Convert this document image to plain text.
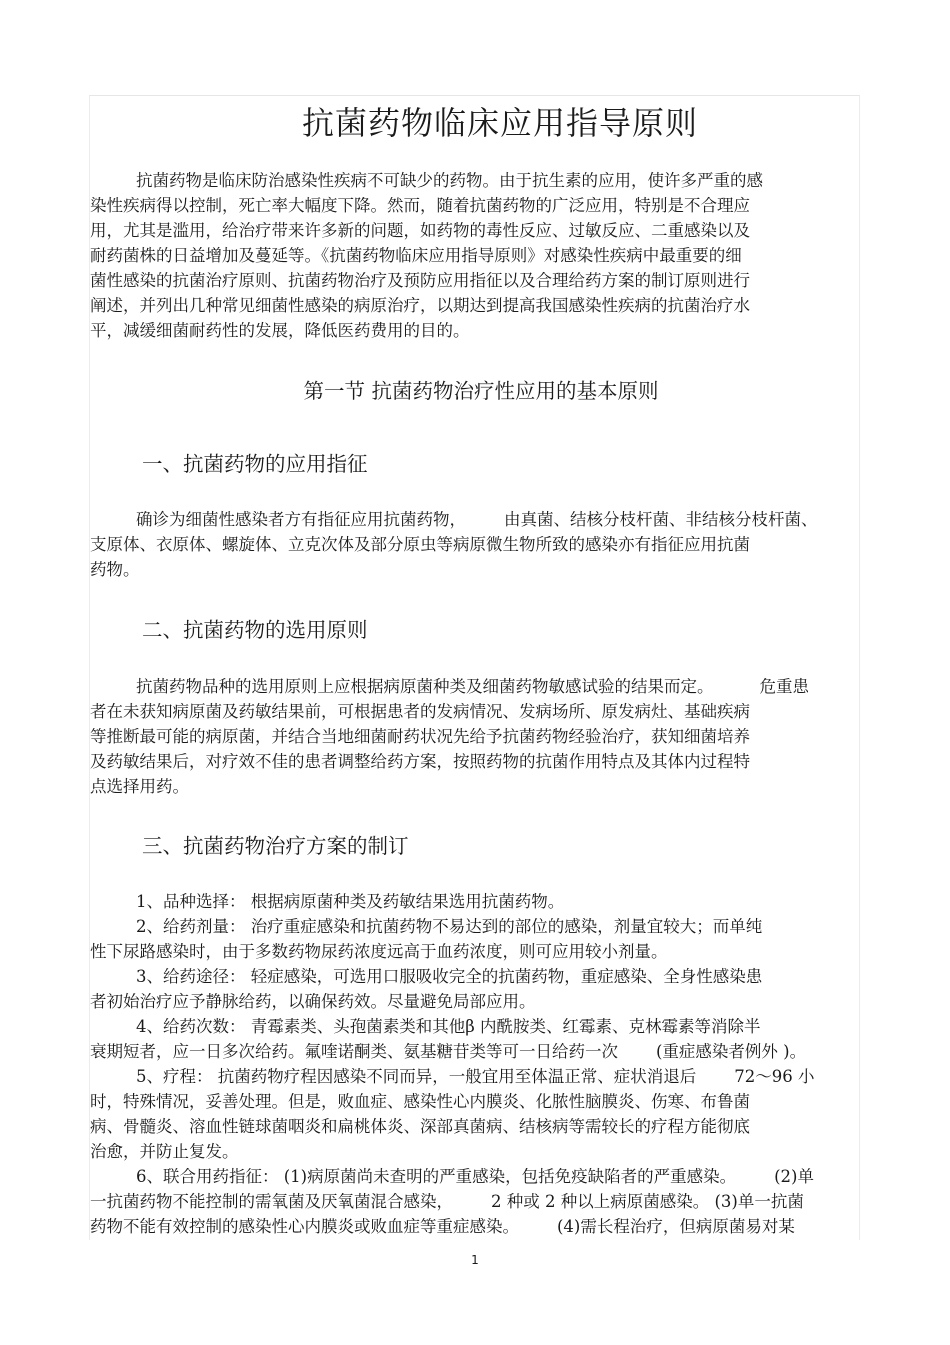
抗菌药物临床应用指导原则
抗菌药物是临床防治感染性疾病不可缺少的药物。由于抗生素的应用，使许多严重的感
染性疾病得以控制，死亡率大幅度下降。然而，随着抗菌药物的广泛应用，特别是不合理应
用，尤其是滥用，给治疗带来许多新的问题，如药物的毒性反应、过敏反应、二重感染以及
耐药菌株的日益增加及蔓延等。《抗菌药物临床应用指导原则》对感染性疾病中最重要的细
菌性感染的抗菌治疗原则、抗菌药物治疗及预防应用指征以及合理给药方案的制订原则进行
阐述，并列出几种常见细菌性感染的病原治疗，以期达到提高我国感染性疾病的抗菌治疗水
平，减缓细菌耐药性的发展，降低医药费用的目的。
第一节 抗菌药物治疗性应用的基本原则
一、抗菌药物的应用指征
确诊为细菌性感染者方有指征应用抗菌药物， 由真菌、结核分枝杆菌、非结核分枝杆菌、
支原体、衣原体、螺旋体、立克次体及部分原虫等病原微生物所致的感染亦有指征应用抗菌
药物。
二、抗菌药物的选用原则
抗菌药物品种的选用原则上应根据病原菌种类及细菌药物敏感试验的结果而定。	危重患
者在未获知病原菌及药敏结果前，可根据患者的发病情况、发病场所、原发病灶、基础疾病
等推断最可能的病原菌，并结合当地细菌耐药状况先给予抗菌药物经验治疗，获知细菌培养
及药敏结果后，对疗效不佳的患者调整给药方案，按照药物的抗菌作用特点及其体内过程特
点选择用药。
三、抗菌药物治疗方案的制订
1、品种选择： 根据病原菌种类及药敏结果选用抗菌药物。
2、给药剂量： 治疗重症感染和抗菌药物不易达到的部位的感染，剂量宜较大；而单纯
性下尿路感染时，由于多数药物尿药浓度远高于血药浓度，则可应用较小剂量。
3、给药途径： 轻症感染，可选用口服吸收完全的抗菌药物，重症感染、全身性感染患
者初始治疗应予静脉给药，以确保药效。尽量避免局部应用。
4、给药次数： 青霉素类、头孢菌素类和其他β 内酰胺类、红霉素、克林霉素等消除半
衰期短者，应一日多次给药。氟喹诺酮类、氨基糖苷类等可一日给药一次 (重症感染者例外 )。
5、疗程： 抗菌药物疗程因感染不同而异，一般宜用至体温正常、症状消退后 72～96 小
时，特殊情况，妥善处理。但是，败血症、感染性心内膜炎、化脓性脑膜炎、伤寒、布鲁菌
病、骨髓炎、溶血性链球菌咽炎和扁桃体炎、深部真菌病、结核病等需较长的疗程方能彻底
治愈，并防止复发。
6、联合用药指征： (1)病原菌尚未查明的严重感染，包括免疫缺陷者的严重感染。 (2)单
一抗菌药物不能控制的需氧菌及厌氧菌混合感染， 2 种或 2 种以上病原菌感染。 (3)单一抗菌
药物不能有效控制的感染性心内膜炎或败血症等重症感染。 (4)需长程治疗，但病原菌易对某
1
